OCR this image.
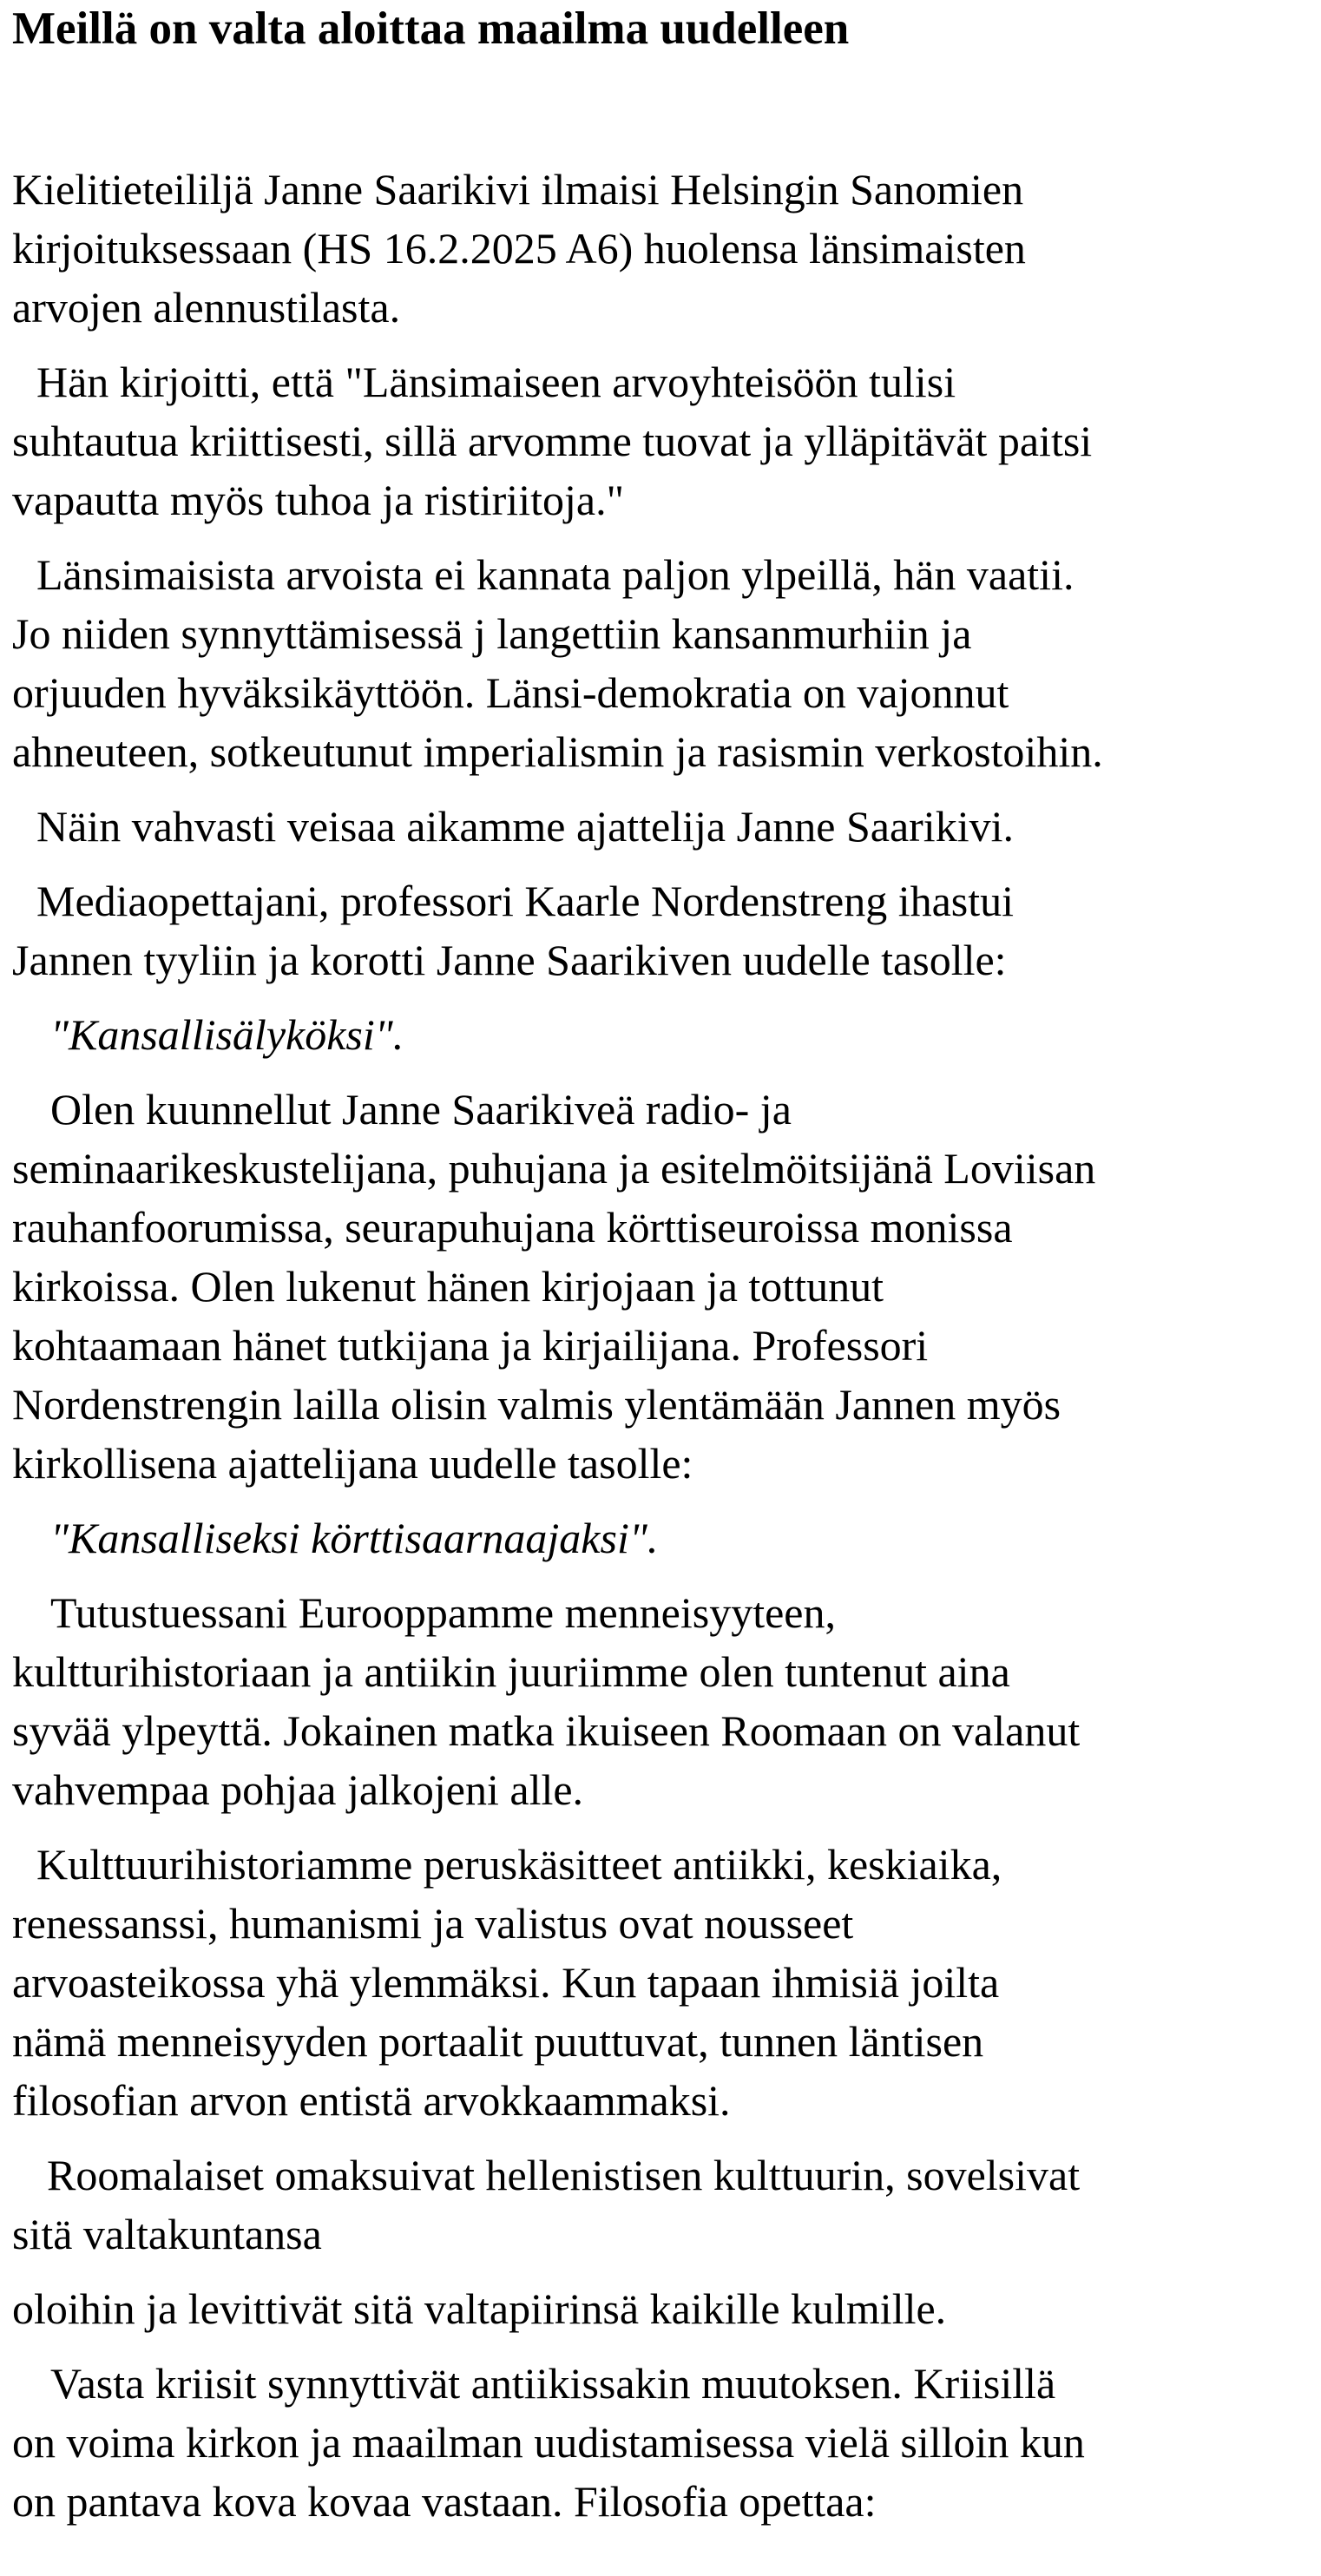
Meillä on valta aloittaa maailma uudelleen

Kielitieteililjä Janne Saarikivi ilmaisi Helsingin Sanomien
kirjoituksessaan (HS 16.2.2025 A6) huolensa länsimaisten
arvojen alennustilasta.

Hän kirjoitti, että "Länsimaiseen arvoyhteisöön tulisi
suhtautua kriittisesti, sillä arvomme tuovat ja ylläpitävät paitsi
vapautta myös tuhoa ja ristiriitoja."

Länsimaisista arvoista ei kannata paljon ylpeillä, hän vaatii.
Jo niiden synnyttämisessä j langettiin kansanmurhiin ja
orjuuden hyväksikäyttöön. Länsi-demokratia on vajonnut
ahneuteen, sotkeutunut imperialismin ja rasismin verkostoihin.

Näin vahvasti veisaa aikamme ajattelija Janne Saarikivi.

Mediaopettajani, professori Kaarle Nordenstreng ihastui
Jannen tyyliin ja korotti Janne Saarikiven uudelle tasolle:

"Kansallisälyköksi".

Olen kuunnellut Janne Saarikiveä radio- ja
seminaarikeskustelijana, puhujana ja esitelmöitsijänä Loviisan
rauhanfoorumissa, seurapuhujana körttiseuroissa monissa
kirkoissa. Olen lukenut hänen kirjojaan ja tottunut
kohtaamaan hänet tutkijana ja kirjailijana. Professori
Nordenstrengin lailla olisin valmis ylentämään Jannen myös
kirkollisena ajattelijana uudelle tasolle:

"Kansalliseksi körttisaarnaajaksi".

Tutustuessani Eurooppamme menneisyyteen,
kultturihistoriaan ja antiikin juuriimme olen tuntenut aina
syvää ylpeyttä. Jokainen matka ikuiseen Roomaan on valanut
vahvempaa pohjaa jalkojeni alle.

Kulttuurihistoriamme peruskäsitteet antiikki, keskiaika,
renessanssi, humanismi ja valistus ovat nousseet
arvoasteikossa yhä ylemmäksi. Kun tapaan ihmisiä joilta
nämä menneisyyden portaalit puuttuvat, tunnen läntisen
filosofian arvon entistä arvokkaammaksi.

Roomalaiset omaksuivat hellenistisen kulttuurin, sovelsivat
sitä valtakuntansa

oloihin ja levittivät sitä valtapiirinsä kaikille kulmille.

Vasta kriisit synnyttivät antiikissakin muutoksen. Kriisillä
on voima kirkon ja maailman uudistamisessa vielä silloin kun
on pantava kova kovaa vastaan. Filosofia opettaa:
